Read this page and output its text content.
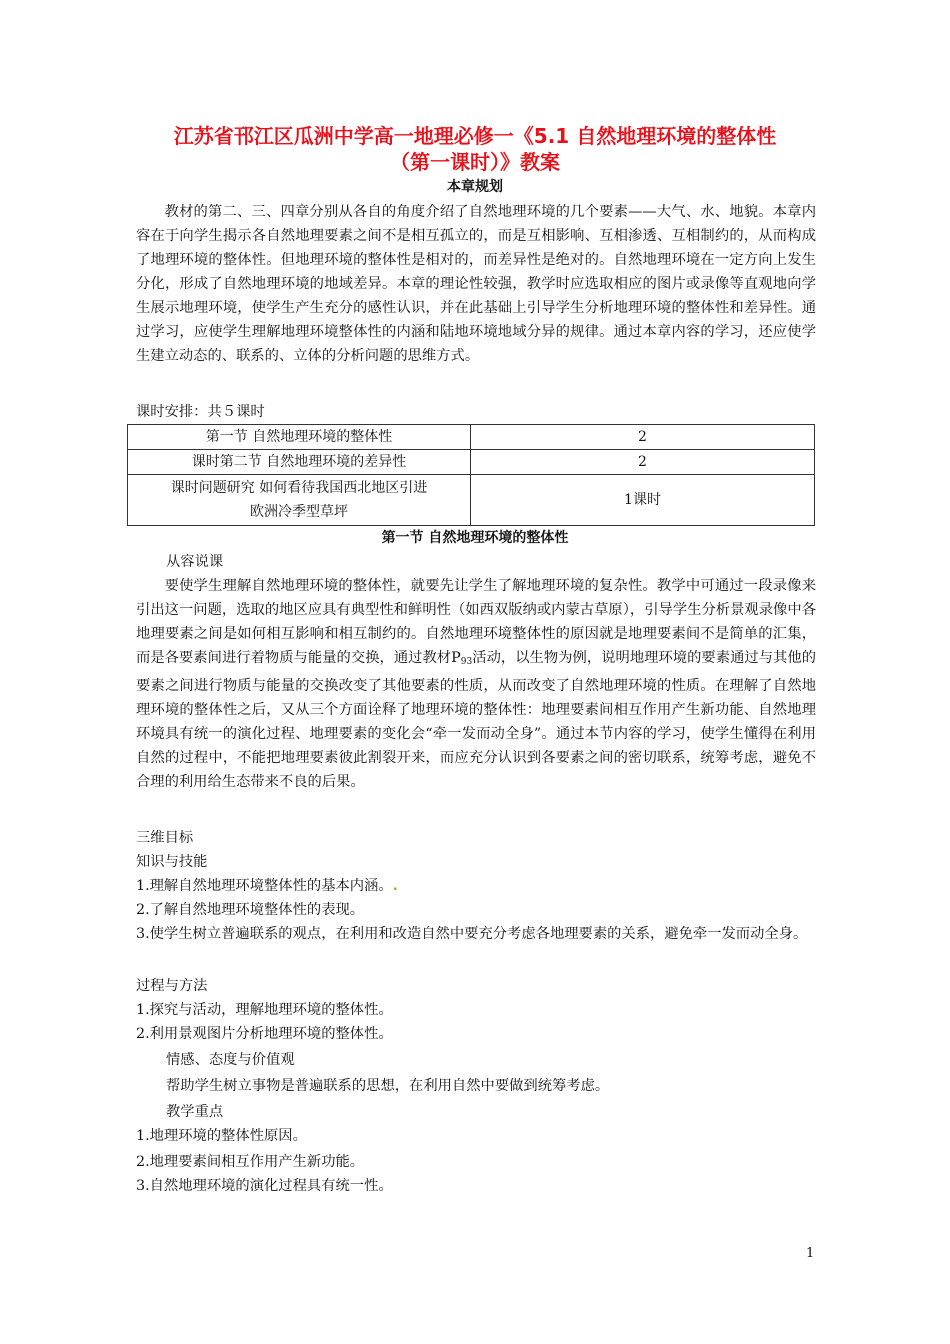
江苏省邗江区瓜洲中学高一地理必修一《5.1 自然地理环境的整体性
（第一课时）》教案
本章规划

教材的第二、三、四章分别从各自的角度介绍了自然地理环境的几个要素——大气、水、地貌。本章内容在于向学生揭示各自然地理要素之间不是相互孤立的，而是互相影响、互相渗透、互相制约的，从而构成了地理环境的整体性。但地理环境的整体性是相对的，而差异性是绝对的。自然地理环境在一定方向上发生分化，形成了自然地理环境的地域差异。本章的理论性较强，教学时应选取相应的图片或录像等直观地向学生展示地理环境，使学生产生充分的感性认识，并在此基础上引导学生分析地理环境的整体性和差异性。通过学习，应使学生理解地理环境整体性的内涵和陆地环境地域分异的规律。通过本章内容的学习，还应使学生建立动态的、联系的、立体的分析问题的思维方式。

课时安排：共５课时

第一节 自然地理环境的整体性	2
课时第二节 自然地理环境的差异性	2

课时问题研究 如何看待我国西北地区引进
欧洲冷季型草坪	1课时
第一节 自然地理环境的整体性

从容说课

要使学生理解自然地理环境的整体性，就要先让学生了解地理环境的复杂性。教学中可通过一段录像来引出这一问题，选取的地区应具有典型性和鲜明性（如西双版纳或内蒙古草原），引导学生分析景观录像中各地理要素之间是如何相互影响和相互制约的。自然地理环境整体性的原因就是地理要素间不是简单的汇集，而是各要素间进行着物质与能量的交换，通过教材$P_{93}$活动，以生物为例，说明地理环境的要素通过与其他的要素之间进行物质与能量的交换改变了其他要素的性质，从而改变了自然地理环境的性质。在理解了自然地理环境的整体性之后，又从三个方面诠释了地理环境的整体性：地理要素间相互作用产生新功能、自然地理环境具有统一的演化过程、地理要素的变化会“牵一发而动全身”。通过本节内容的学习，使学生懂得在利用自然的过程中，不能把地理要素彼此割裂开来，而应充分认识到各要素之间的密切联系，统筹考虑，避免不合理的利用给生态带来不良的后果。

三维目标

知识与技能

1.理解自然地理环境整体性的基本内涵。.

2.了解自然地理环境整体性的表现。

3.使学生树立普遍联系的观点，在利用和改造自然中要充分考虑各地理要素的关系，避免牵一发而动全身。

过程与方法

1.探究与活动，理解地理环境的整体性。

2.利用景观图片分析地理环境的整体性。

情感、态度与价值观

帮助学生树立事物是普遍联系的思想，在利用自然中要做到统筹考虑。

教学重点

1.地理环境的整体性原因。

2.地理要素间相互作用产生新功能。

3.自然地理环境的演化过程具有统一性。

1
